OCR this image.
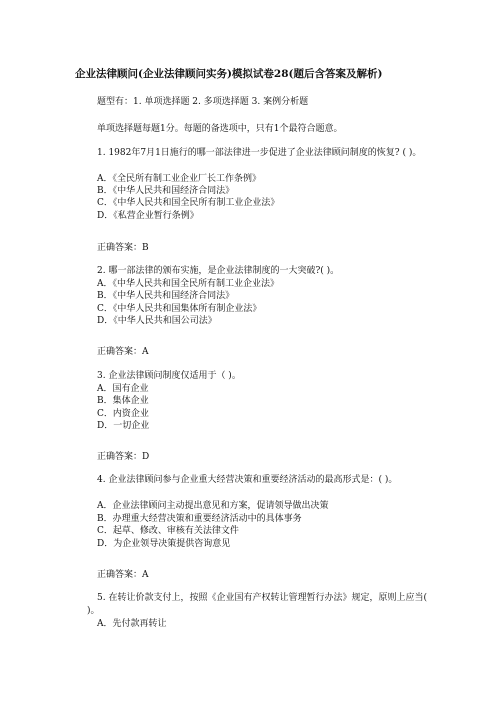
企业法律顾问(企业法律顾问实务)模拟试卷28(题后含答案及解析)
题型有：1. 单项选择题 2. 多项选择题 3. 案例分析题
单项选择题每题1分。每题的备选项中，只有1个最符合题意。
1. 1982年7月1日施行的哪一部法律进一步促进了企业法律顾问制度的恢复? ( )。
A．《全民所有制工业企业厂长工作条例》
B．《中华人民共和国经济合同法》
C．《中华人民共和国全民所有制工业企业法》
D．《私营企业暂行条例》
正确答案：B
2. 哪一部法律的颁布实施，是企业法律制度的一大突破?( )。
A．《中华人民共和国全民所有制工业企业法》
B．《中华人民共和国经济合同法》
C．《中华人民共和国集体所有制企业法》
D．《中华人民共和国公司法》
正确答案：A
3. 企业法律顾问制度仅适用于（ )。
A．国有企业
B．集体企业
C．内资企业
D．一切企业
正确答案：D
4. 企业法律顾问参与企业重大经营决策和重要经济活动的最高形式是：( )。
A．企业法律顾问主动提出意见和方案，促请领导做出决策
B．办理重大经营决策和重要经济活动中的具体事务
C．起草、修改、审核有关法律文件
D．为企业领导决策提供咨询意见
正确答案：A
5. 在转让价款支付上，按照《企业国有产权转让管理暂行办法》规定，原则上应当( )。
A．先付款再转让
